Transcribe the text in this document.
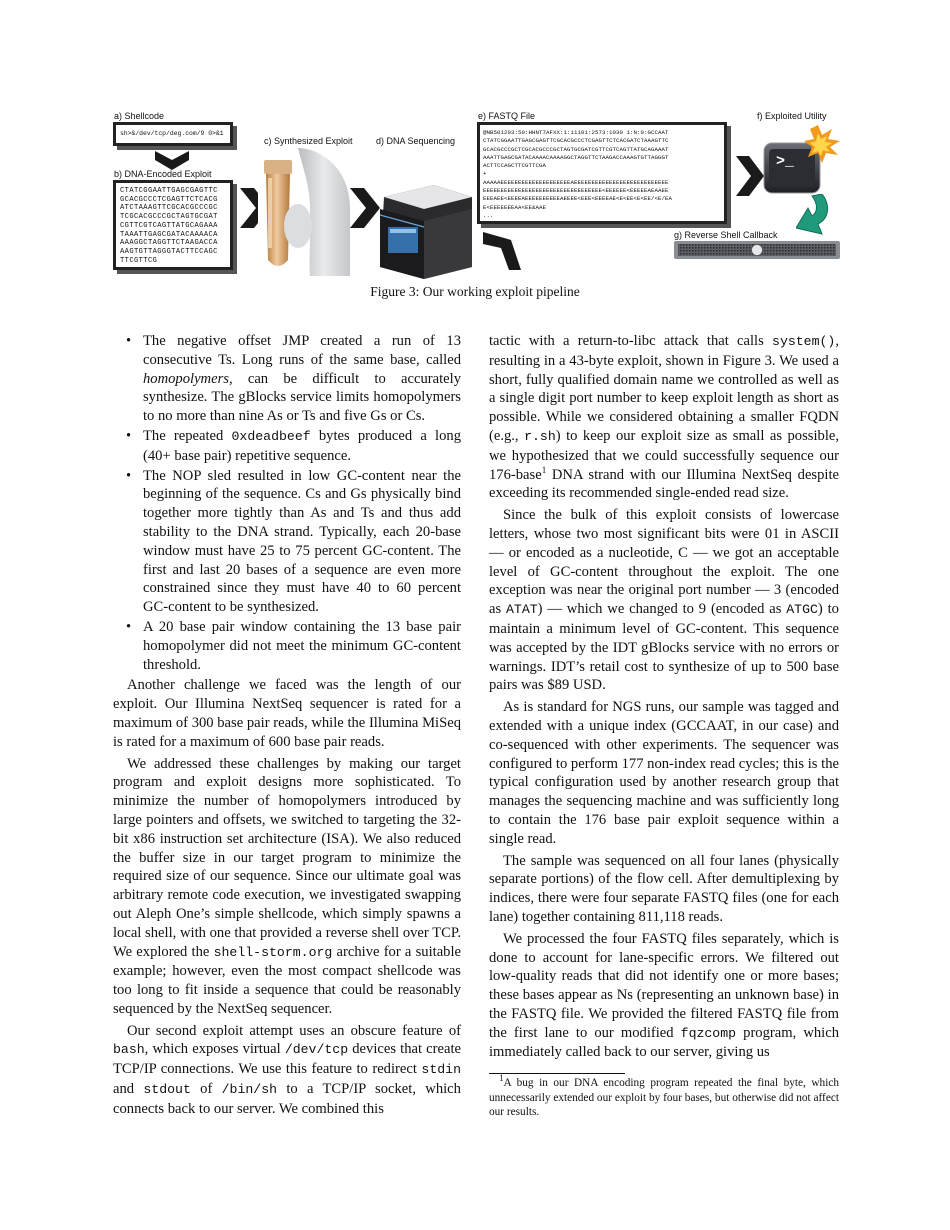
a) Shellcode
sh>&/dev/tcp/deg.com/9 0>&1
b) DNA-Encoded Exploit
CTATCGGAATTGAGCGAGTTC
GCACGCCCTCGAGTTCTCACG
ATCTAAAGTTCGCACGCCCGC
TCGCACGCCCGCTAGTGCGAT
CGTTCGTCAGTTATGCAGAAA
TAAATTGAGCGATACAAAACA
AAAGGCTAGGTTCTAAGACCA
AAGTGTTAGGGTACTTCCAGC
TTCGTTCG
c) Synthesized Exploit	d) DNA Sequencing
e) FASTQ File
@NB501203:50:HHNT7AFXX:1:11101:2573:1030 1:N:0:GCCAAT
CTATCGGAATTGAGCGAGTTCGCACGCCCTCGAGTTCTCACGATCTAAAGTTC
GCACGCCCGCTCGCACGCCCGCTAGTGCGATCGTTCGTCAGTTATGCAGAAAT
AAATTGAGCGATACAAAACAAAAGGCTAGGTTCTAAGACCAAAGTGTTAGGGT
ACTTCCAGCTTCGTTCGA
+
AAAAAEEEEEEEEEEEEEEEEEEEEAEEEEEEEEEEEEEEEEEEEEEEEEEEE
EEEEEEEEEEEEEEEEEEEEEEEEEEEEEEEEEE<EEEEEE<EEEEEAEAAEE
EEEAEE<EEEEAEEEEEEEEEEAEEEE<EEE<EEEEAE<E<EE<E<EE/<E/EA
E<EEEEEEEAA<EE&AAE
...
f) Exploited Utility
>_
g) Reverse Shell Callback
Figure 3: Our working exploit pipeline
• The negative offset JMP created a run of 13 consecutive Ts. Long runs of the same base, called homopolymers, can be difficult to accurately synthesize. The gBlocks service limits homopolymers to no more than nine As or Ts and five Gs or Cs.
• The repeated 0xdeadbeef bytes produced a long (40+ base pair) repetitive sequence.
• The NOP sled resulted in low GC-content near the beginning of the sequence. Cs and Gs physically bind together more tightly than As and Ts and thus add stability to the DNA strand. Typically, each 20-base window must have 25 to 75 percent GC-content. The first and last 20 bases of a sequence are even more constrained since they must have 40 to 60 percent GC-content to be synthesized.
• A 20 base pair window containing the 13 base pair homopolymer did not meet the minimum GC-content threshold.

Another challenge we faced was the length of our exploit. Our Illumina NextSeq sequencer is rated for a maximum of 300 base pair reads, while the Illumina MiSeq is rated for a maximum of 600 base pair reads.

We addressed these challenges by making our target program and exploit designs more sophisticated. To minimize the number of homopolymers introduced by large pointers and offsets, we switched to targeting the 32-bit x86 instruction set architecture (ISA). We also reduced the buffer size in our target program to minimize the required size of our sequence. Since our ultimate goal was arbitrary remote code execution, we investigated swapping out Aleph One’s simple shellcode, which simply spawns a local shell, with one that provided a reverse shell over TCP. We explored the shell-storm.org archive for a suitable example; however, even the most compact shellcode was too long to fit inside a sequence that could be reasonably sequenced by the NextSeq sequencer.

Our second exploit attempt uses an obscure feature of bash, which exposes virtual /dev/tcp devices that create TCP/IP connections. We use this feature to redirect stdin and stdout of /bin/sh to a TCP/IP socket, which connects back to our server. We combined this

tactic with a return-to-libc attack that calls system(), resulting in a 43-byte exploit, shown in Figure 3. We used a short, fully qualified domain name we controlled as well as a single digit port number to keep exploit length as short as possible. While we considered obtaining a smaller FQDN (e.g., r.sh) to keep our exploit size as small as possible, we hypothesized that we could successfully sequence our 176-base$^1$ DNA strand with our Illumina NextSeq despite exceeding its recommended single-ended read size.

Since the bulk of this exploit consists of lowercase letters, whose two most significant bits were 01 in ASCII — or encoded as a nucleotide, C — we got an acceptable level of GC-content throughout the exploit. The one exception was near the original port number — 3 (encoded as ATAT) — which we changed to 9 (encoded as ATGC) to maintain a minimum level of GC-content. This sequence was accepted by the IDT gBlocks service with no errors or warnings. IDT’s retail cost to synthesize of up to 500 base pairs was $89 USD.

As is standard for NGS runs, our sample was tagged and extended with a unique index (GCCAAT, in our case) and co-sequenced with other experiments. The sequencer was configured to perform 177 non-index read cycles; this is the typical configuration used by another research group that manages the sequencing machine and was sufficiently long to contain the 176 base pair exploit sequence within a single read.

The sample was sequenced on all four lanes (physically separate portions) of the flow cell. After demultiplexing by indices, there were four separate FASTQ files (one for each lane) together containing 811,118 reads.

We processed the four FASTQ files separately, which is done to account for lane-specific errors. We filtered out low-quality reads that did not identify one or more bases; these bases appear as Ns (representing an unknown base) in the FASTQ file. We provided the filtered FASTQ file from the first lane to our modified fqzcomp program, which immediately called back to our server, giving us

$^1$A bug in our DNA encoding program repeated the final byte, which unnecessarily extended our exploit by four bases, but otherwise did not affect our results.
